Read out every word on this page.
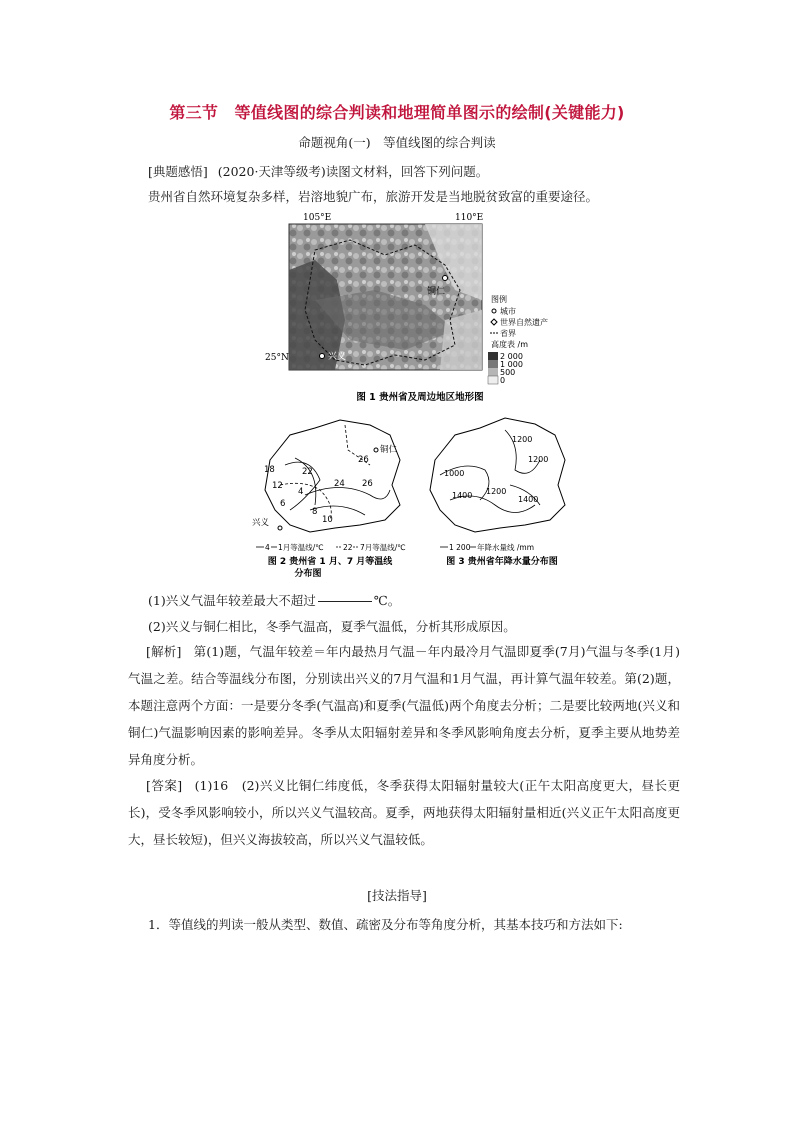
第三节　等值线图的综合判读和地理简单图示的绘制(关键能力)
命题视角(一)　等值线图的综合判读
[典题感悟] (2020·天津等级考)读图文材料，回答下列问题。
贵州省自然环境复杂多样，岩溶地貌广布，旅游开发是当地脱贫致富的重要途径。
105°E	110°E
25°N	兴义
铜仁
图例
城市
世界自然遗产
省界
高度表 /m
2 000
1 000
500
0
图 1 贵州省及周边地区地形图
18	22
12
4
6
24
26
26
8
10
铜仁
兴义
4 1月等温线/℃	22 7月等温线/℃
图 2 贵州省 1 月、7 月等温线
分布图
1200
1200
1000
1200
1400	1400
1 200 年降水量线 /mm
图 3 贵州省年降水量分布图
(1)兴义气温年较差最大不超过	℃。
(2)兴义与铜仁相比，冬季气温高，夏季气温低，分析其形成原因。
[解析] 第(1)题，气温年较差＝年内最热月气温－年内最冷月气温即夏季(7月)气温与冬季(1月)气温之差。结合等温线分布图，分别读出兴义的7月气温和1月气温，再计算气温年较差。第(2)题，本题注意两个方面：一是要分冬季(气温高)和夏季(气温低)两个角度去分析；二是要比较两地(兴义和铜仁)气温影响因素的影响差异。冬季从太阳辐射差异和冬季风影响角度去分析，夏季主要从地势差异角度分析。
[答案] (1)16　(2)兴义比铜仁纬度低，冬季获得太阳辐射量较大(正午太阳高度更大，昼长更长)，受冬季风影响较小，所以兴义气温较高。夏季，两地获得太阳辐射量相近(兴义正午太阳高度更大，昼长较短)，但兴义海拔较高，所以兴义气温较低。
[技法指导]
1．等值线的判读一般从类型、数值、疏密及分布等角度分析，其基本技巧和方法如下:
